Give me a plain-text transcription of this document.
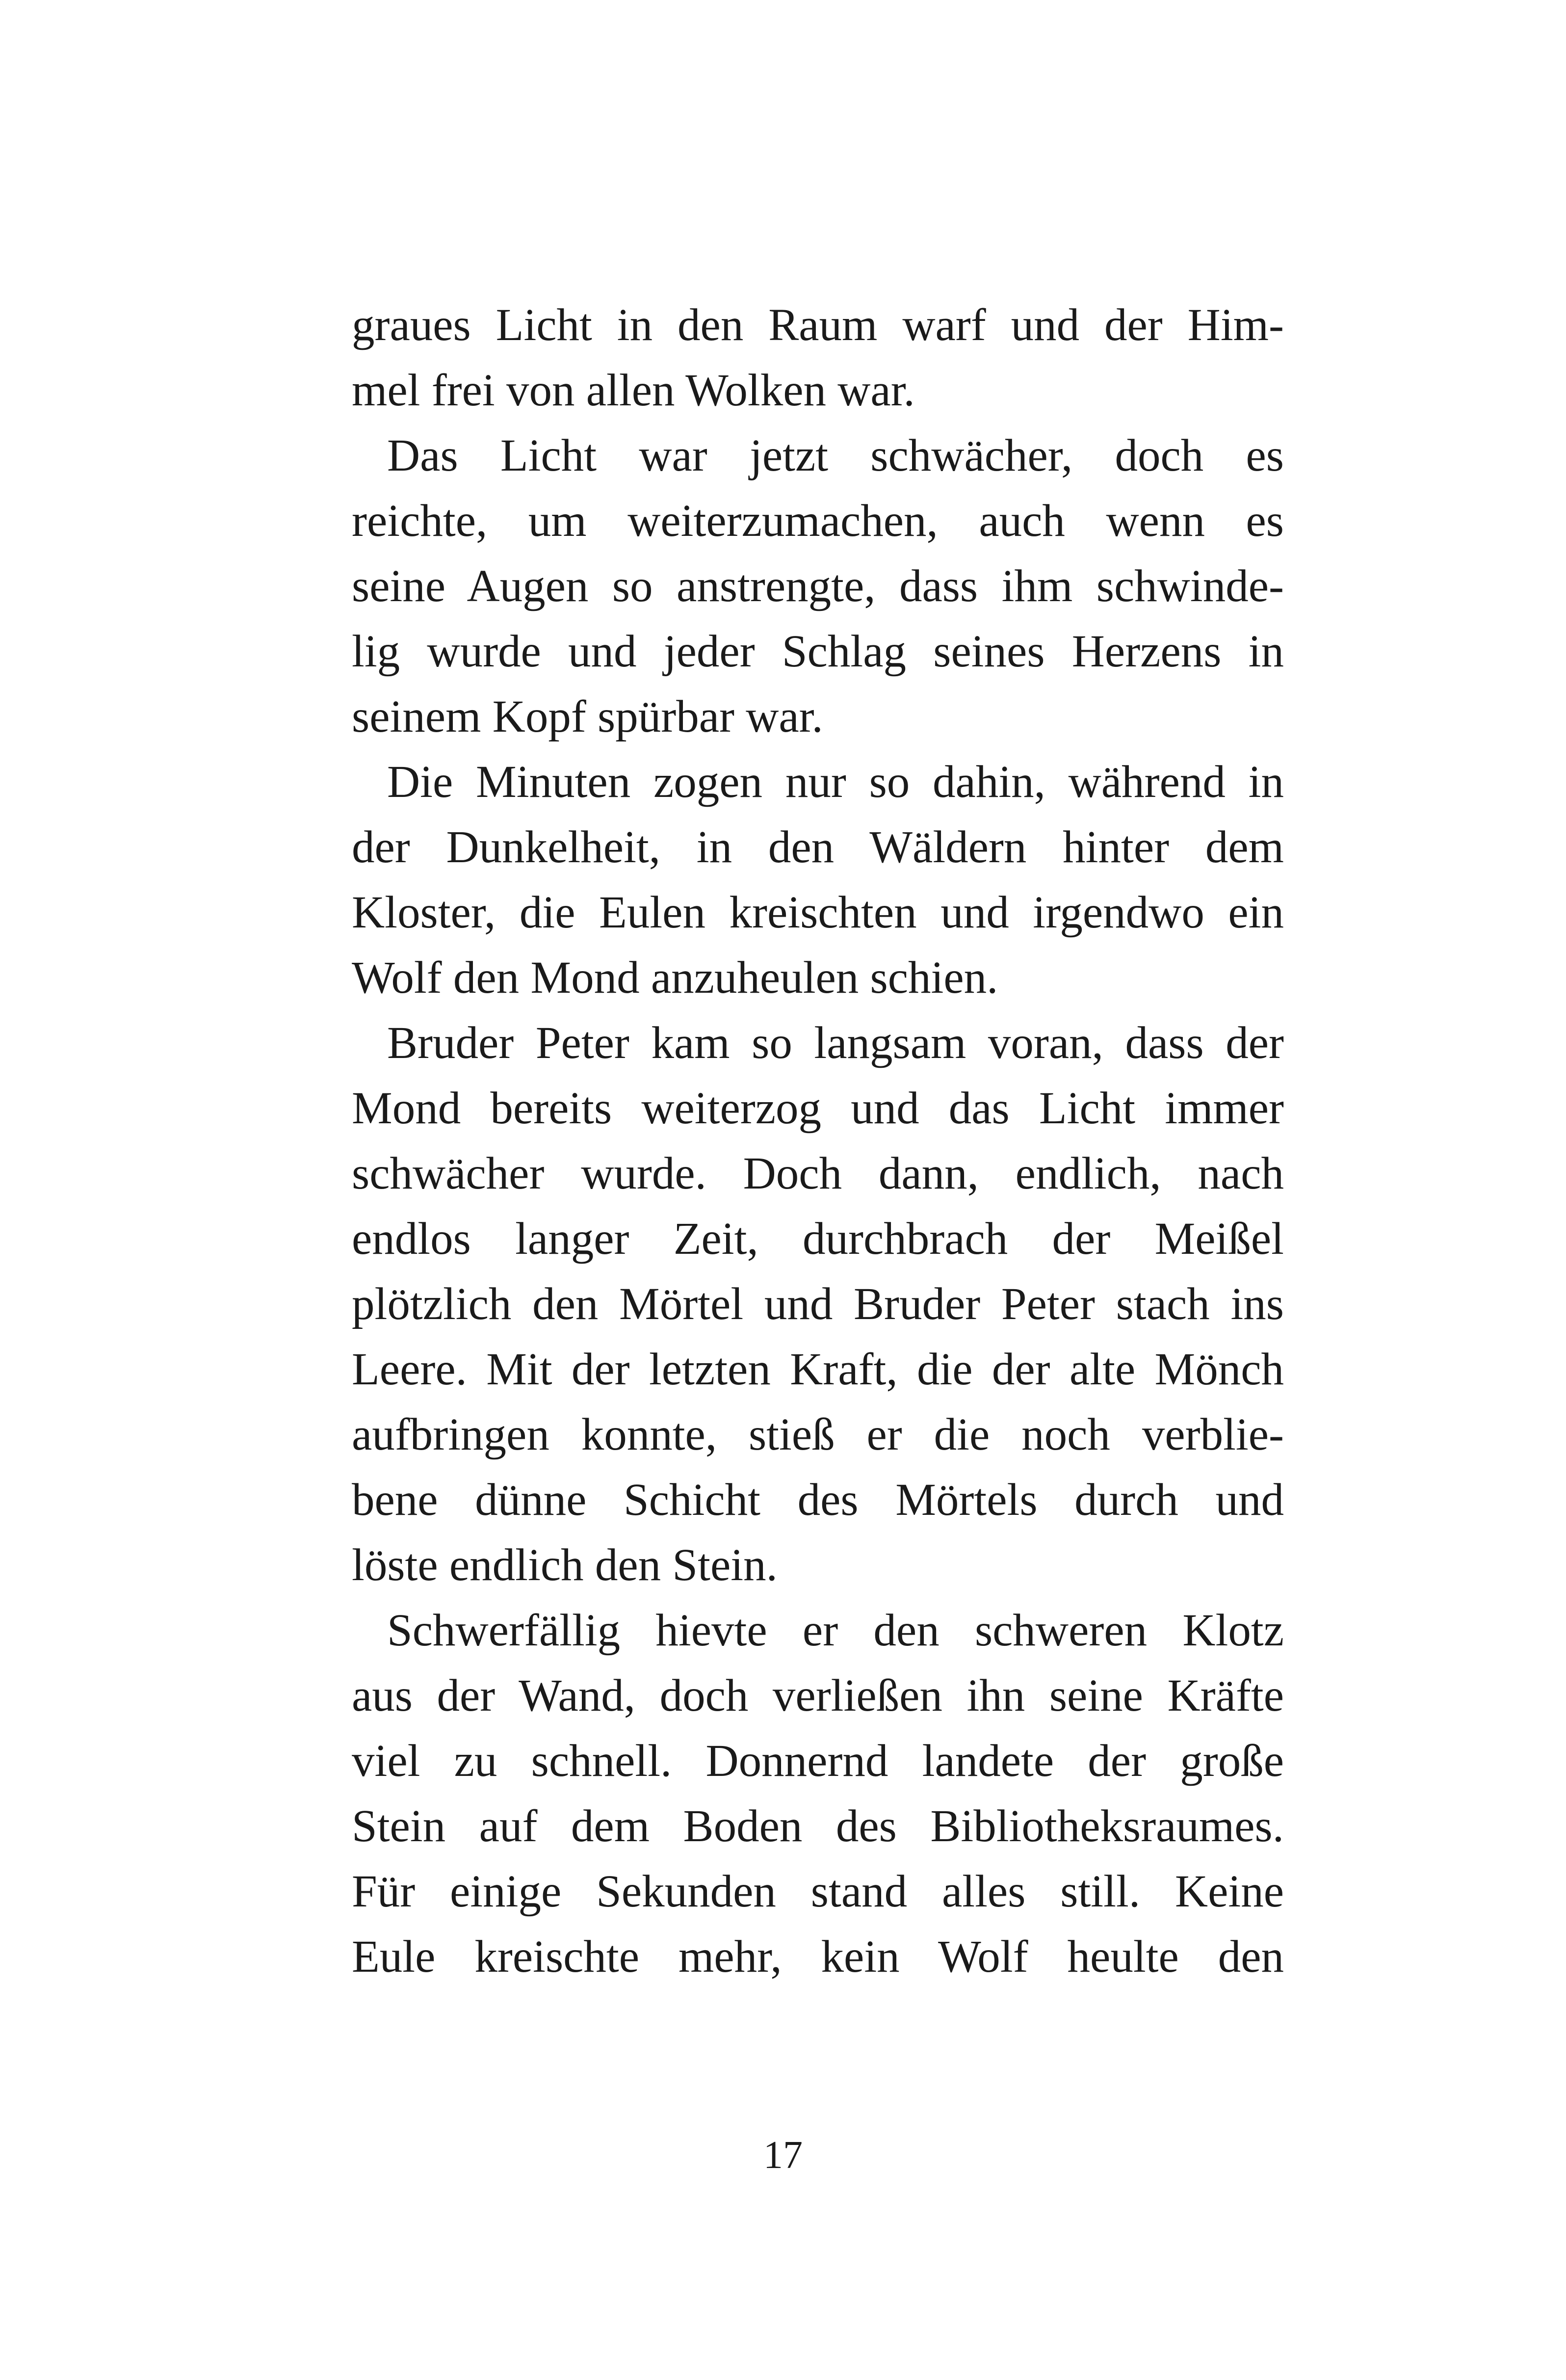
graues Licht in den Raum warf und der Him-
mel frei von allen Wolken war.
Das Licht war jetzt schwächer, doch es
reichte, um weiterzumachen, auch wenn es
seine Augen so anstrengte, dass ihm schwinde-
lig wurde und jeder Schlag seines Herzens in
seinem Kopf spürbar war.
Die Minuten zogen nur so dahin, während in
der Dunkelheit, in den Wäldern hinter dem
Kloster, die Eulen kreischten und irgendwo ein
Wolf den Mond anzuheulen schien.
Bruder Peter kam so langsam voran, dass der
Mond bereits weiterzog und das Licht immer
schwächer wurde. Doch dann, endlich, nach
endlos langer Zeit, durchbrach der Meißel
plötzlich den Mörtel und Bruder Peter stach ins
Leere. Mit der letzten Kraft, die der alte Mönch
aufbringen konnte, stieß er die noch verblie-
bene dünne Schicht des Mörtels durch und
löste endlich den Stein.
Schwerfällig hievte er den schweren Klotz
aus der Wand, doch verließen ihn seine Kräfte
viel zu schnell. Donnernd landete der große
Stein auf dem Boden des Bibliotheksraumes.
Für einige Sekunden stand alles still. Keine
Eule kreischte mehr, kein Wolf heulte den
17
